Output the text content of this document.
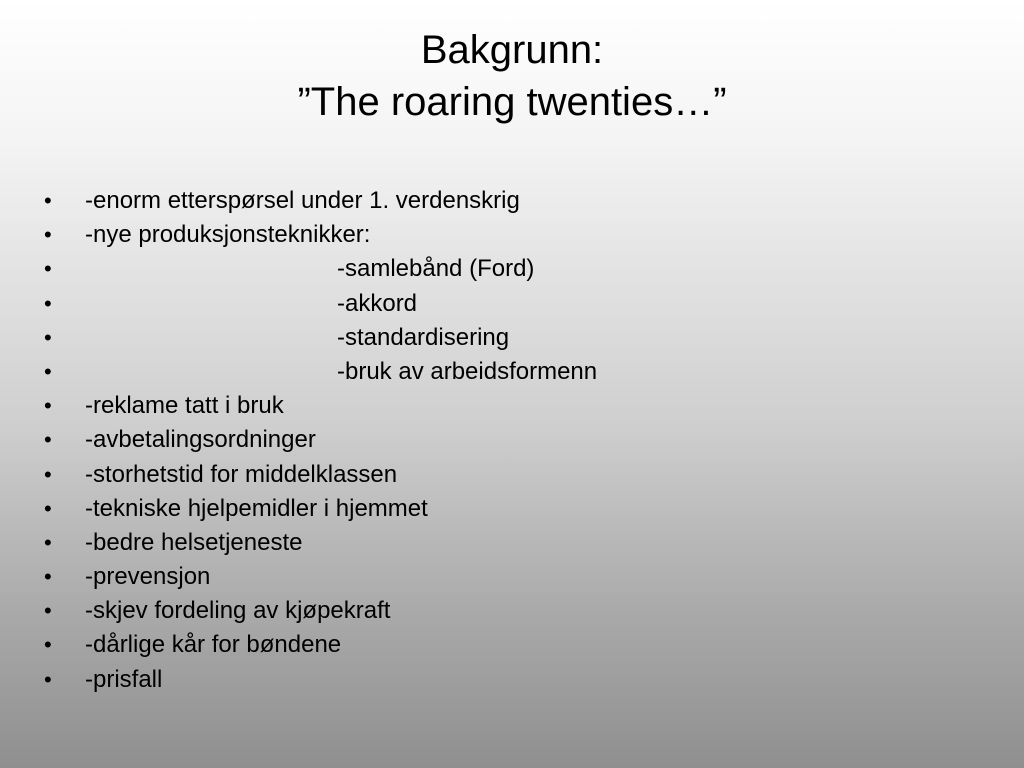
Bakgrunn:
”The roaring twenties…”
• -enorm etterspørsel under 1. verdenskrig
• -nye produksjonsteknikker:
•	-samlebånd (Ford)
•	-akkord
•	-standardisering
•	-bruk av arbeidsformenn
• -reklame tatt i bruk
• -avbetalingsordninger
• -storhetstid for middelklassen
• -tekniske hjelpemidler i hjemmet
• -bedre helsetjeneste
• -prevensjon
• -skjev fordeling av kjøpekraft
• -dårlige kår for bøndene
• -prisfall
